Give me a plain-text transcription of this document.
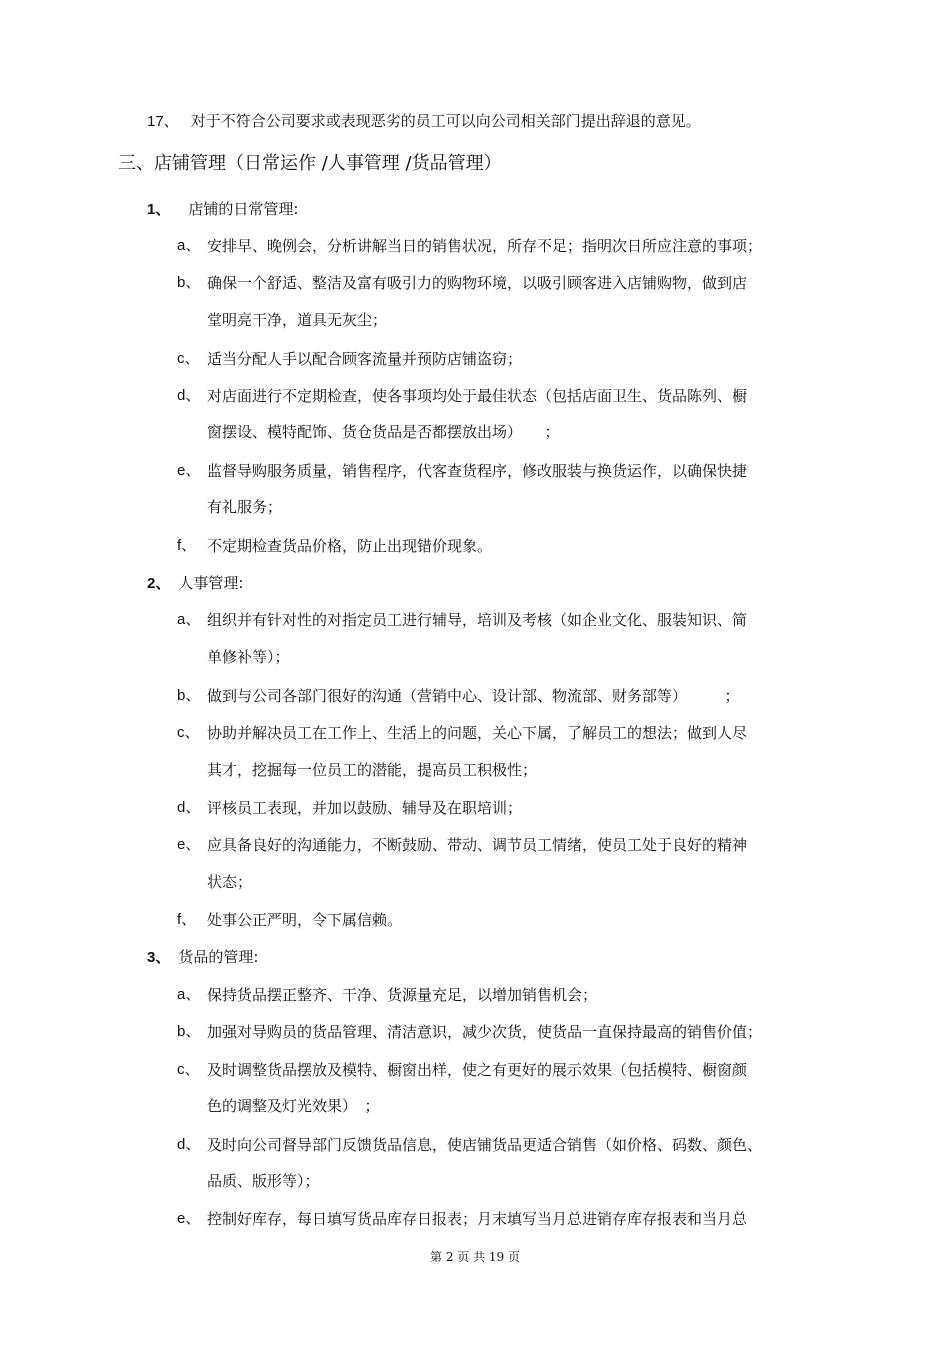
17、 对于不符合公司要求或表现恶劣的员工可以向公司相关部门提出辞退的意见。
三、店铺管理（日常运作 /人事管理 /货品管理）
1、 店铺的日常管理:
a、 安排早、晚例会，分析讲解当日的销售状况，所存不足；指明次日所应注意的事项；
b、 确保一个舒适、整洁及富有吸引力的购物环境，以吸引顾客进入店铺购物，做到店
堂明亮干净，道具无灰尘；
c、 适当分配人手以配合顾客流量并预防店铺盗窃；
d、 对店面进行不定期检查，使各事项均处于最佳状态（包括店面卫生、货品陈列、橱
窗摆设、模特配饰、货仓货品是否都摆放出场）　　；
e、 监督导购服务质量，销售程序，代客查货程序，修改服装与换货运作，以确保快捷
有礼服务；
f、 不定期检查货品价格，防止出现错价现象。
2、 人事管理:
a、 组织并有针对性的对指定员工进行辅导，培训及考核（如企业文化、服装知识、简
单修补等）；
b、 做到与公司各部门很好的沟通（营销中心、设计部、物流部、财务部等）　　　；
c、 协助并解决员工在工作上、生活上的问题，关心下属，了解员工的想法；做到人尽
其才，挖掘每一位员工的潜能，提高员工积极性；
d、 评核员工表现，并加以鼓励、辅导及在职培训；
e、 应具备良好的沟通能力，不断鼓励、带动、调节员工情绪，使员工处于良好的精神
状态；
f、 处事公正严明，令下属信赖。
3、 货品的管理:
a、 保持货品摆正整齐、干净、货源量充足，以增加销售机会；
b、 加强对导购员的货品管理、清洁意识，减少次货，使货品一直保持最高的销售价值；
c、 及时调整货品摆放及模特、橱窗出样，使之有更好的展示效果（包括模特、橱窗颜
色的调整及灯光效果）　；
d、 及时向公司督导部门反馈货品信息，使店铺货品更适合销售（如价格、码数、颜色、
品质、版形等）；
e、 控制好库存，每日填写货品库存日报表；月末填写当月总进销存库存报表和当月总
第 2 页 共 19 页
